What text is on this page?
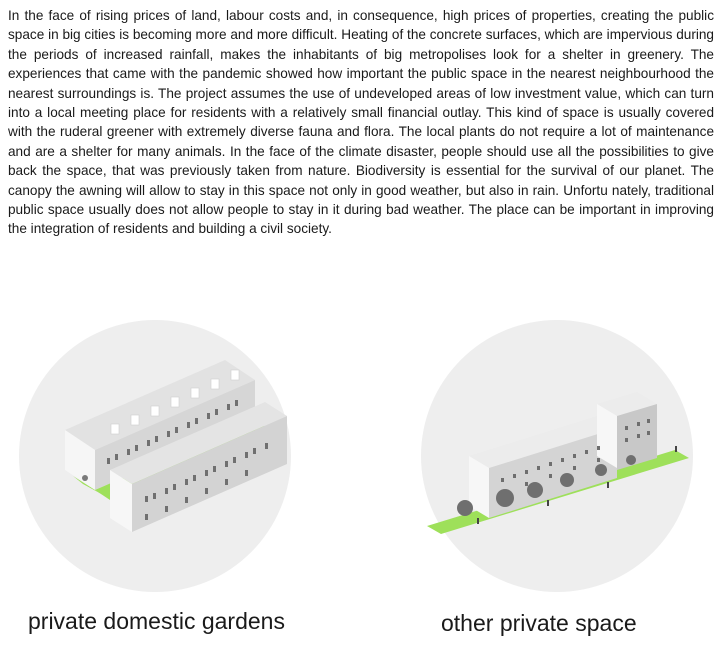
In the face of rising prices of land, labour costs and, in consequence, high prices of properties, creating the public space in big cities is becoming more and more difficult. Heating of the concrete surfaces, which are impervious during the periods of increased rainfall, makes the inhabitants of big metropolises look for a shelter in greenery. The experiences that came with the pandemic showed how important the public space in the nearest neighbourhood the nearest surroundings is. The project assumes the use of undeveloped areas of low investment value, which can turn into a local meeting place for residents with a relatively small financial outlay. This kind of space is usually covered with the ruderal greener with extremely diverse fauna and flora. The local plants do not require a lot of maintenance and are a shelter for many animals. In the face of the climate disaster, people should use all the possibilities to give back the space, that was previously taken from nature. Biodiversity is essential for the survival of our planet. The canopy the awning will allow to stay in this space not only in good weather, but also in rain. Unfortu nately, traditional public space usually does not allow people to stay in it during bad weather. The place can be important in improving the integration of residents and building a civil society.

private domestic gardens	other private space
